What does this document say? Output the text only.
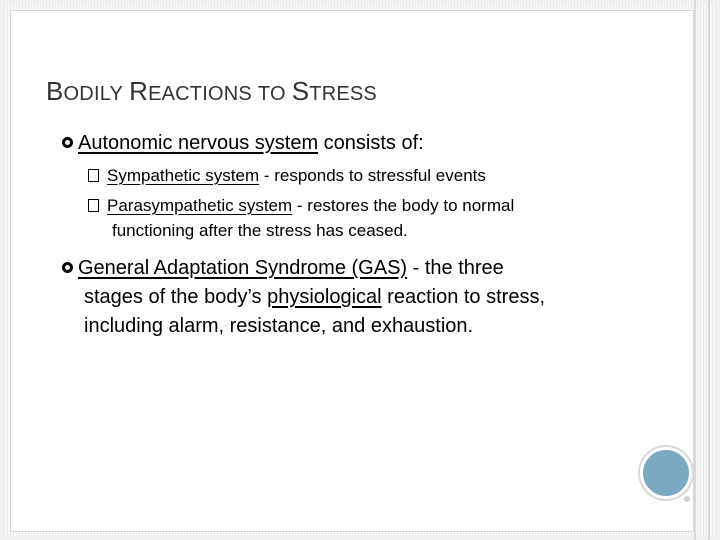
BODILY REACTIONS TO STRESS
Autonomic nervous system consists of:
Sympathetic system - responds to stressful events
Parasympathetic system - restores the body to normal
functioning after the stress has ceased.
General Adaptation Syndrome (GAS) - the three
stages of the body’s physiological reaction to stress,
including alarm, resistance, and exhaustion.
